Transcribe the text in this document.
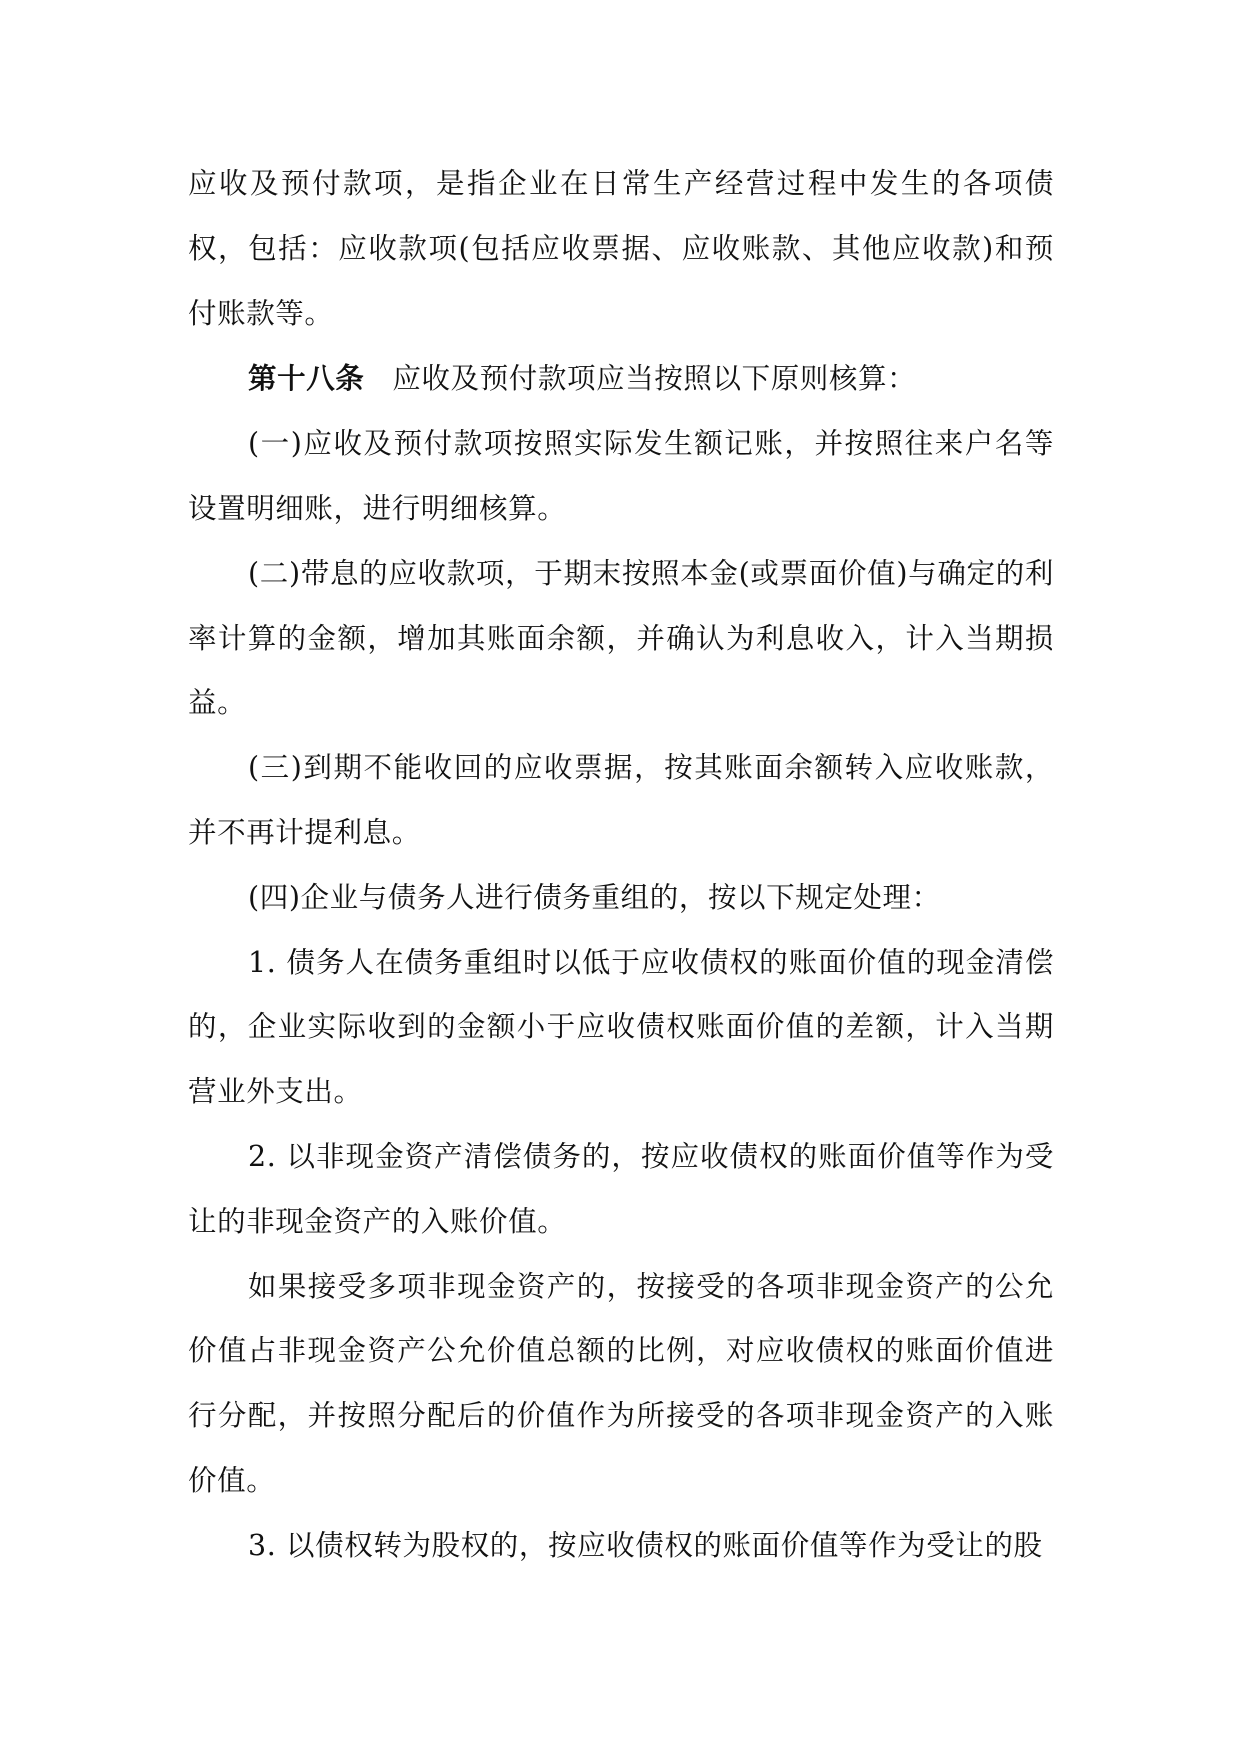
应收及预付款项，是指企业在日常生产经营过程中发生的各项债权，包括：应收款项(包括应收票据、应收账款、其他应收款)和预付账款等。

第十八条 应收及预付款项应当按照以下原则核算：

(一)应收及预付款项按照实际发生额记账，并按照往来户名等设置明细账，进行明细核算。

(二)带息的应收款项，于期末按照本金(或票面价值)与确定的利率计算的金额，增加其账面余额，并确认为利息收入，计入当期损益。

(三)到期不能收回的应收票据，按其账面余额转入应收账款，并不再计提利息。

(四)企业与债务人进行债务重组的，按以下规定处理：

1. 债务人在债务重组时以低于应收债权的账面价值的现金清偿的，企业实际收到的金额小于应收债权账面价值的差额，计入当期营业外支出。

2. 以非现金资产清偿债务的，按应收债权的账面价值等作为受让的非现金资产的入账价值。

如果接受多项非现金资产的，按接受的各项非现金资产的公允价值占非现金资产公允价值总额的比例，对应收债权的账面价值进行分配，并按照分配后的价值作为所接受的各项非现金资产的入账价值。

3. 以债权转为股权的，按应收债权的账面价值等作为受让的股
